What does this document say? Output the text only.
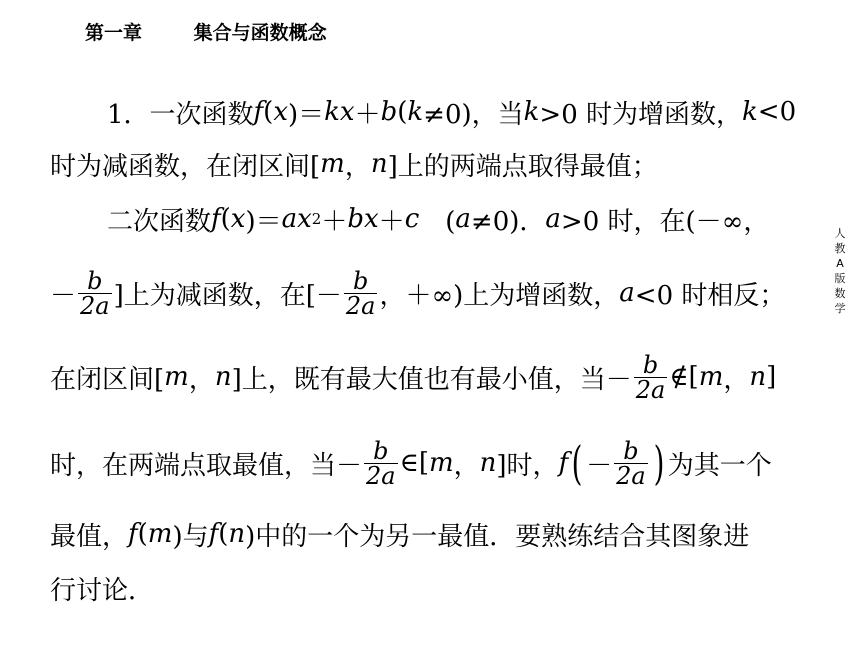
第一章	集合与函数概念
人
教
A
版
数
学
1．一次函数 f ( x )＝ kx ＋ b ( k ≠0)，当 k >0 时为增函数， k <0
时为减函数，在闭区间[ m ， n ]上的两端点取得最值；
二次函数 f ( x )＝ ax 2 ＋ bx ＋ c 　( a ≠0)． a >0 时，在(－∞，
－ $\frac{b}{2a}$ ]上为减函数，在[－ $\frac{b}{2a}$ ，＋∞)上为增函数， a <0 时相反；
在闭区间[ m ， n ]上，既有最大值也有最小值，当－ $\frac{b}{2a}$ ∉[ m ， n ]
时，在两端点取最值，当－ $\frac{b}{2a}$ ∈[ m ， n ]时， f ( － $\frac{b}{2a}$ ) 为其一个
最值， f ( m )与 f ( n )中的一个为另一最值．要熟练结合其图象进
行讨论．
